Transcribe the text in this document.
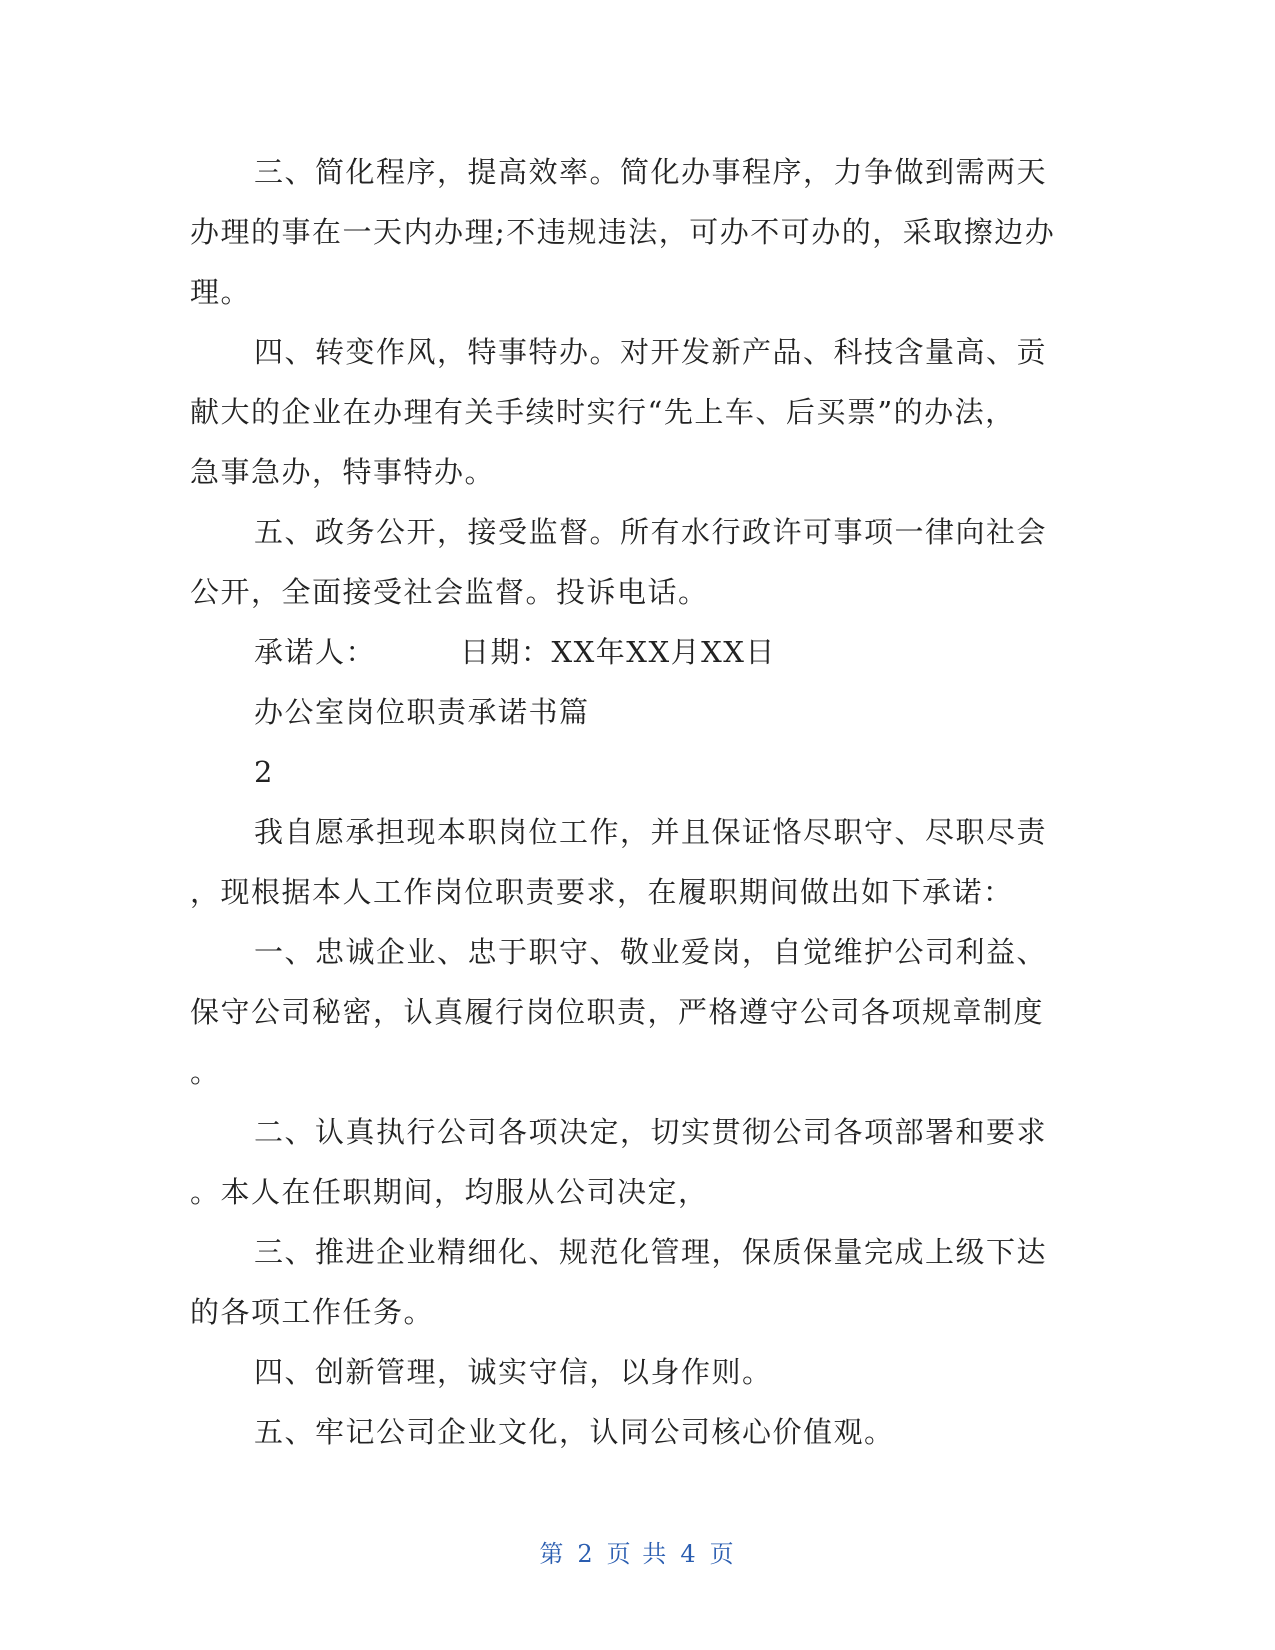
三、简化程序，提高效率。简化办事程序，力争做到需两天
办理的事在一天内办理;不违规违法，可办不可办的，采取擦边办
理。
四、转变作风，特事特办。对开发新产品、科技含量高、贡
献大的企业在办理有关手续时实行“先上车、后买票”的办法，
急事急办，特事特办。
五、政务公开，接受监督。所有水行政许可事项一律向社会
公开，全面接受社会监督。投诉电话。
承诺人：	日期：XX年XX月XX日
办公室岗位职责承诺书篇
2
我自愿承担现本职岗位工作，并且保证恪尽职守、尽职尽责
，现根据本人工作岗位职责要求，在履职期间做出如下承诺：
一、忠诚企业、忠于职守、敬业爱岗，自觉维护公司利益、
保守公司秘密，认真履行岗位职责，严格遵守公司各项规章制度
。
二、认真执行公司各项决定，切实贯彻公司各项部署和要求
。本人在任职期间，均服从公司决定，
三、推进企业精细化、规范化管理，保质保量完成上级下达
的各项工作任务。
四、创新管理，诚实守信，以身作则。
五、牢记公司企业文化，认同公司核心价值观。
第 2 页 共 4 页
